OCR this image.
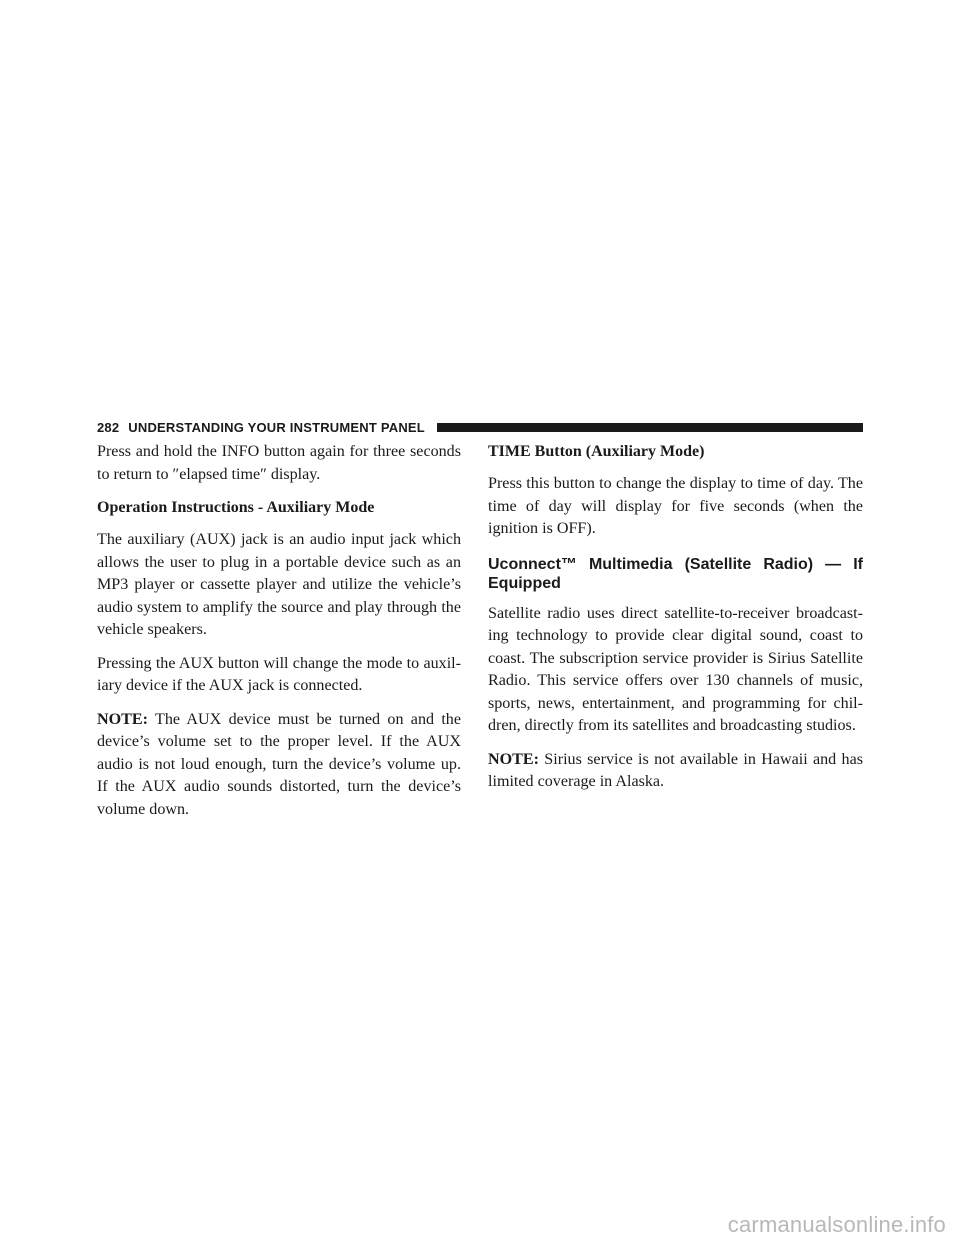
282 UNDERSTANDING YOUR INSTRUMENT PANEL

Press and hold the INFO button again for three seconds to return to ″elapsed time″ display.

Operation Instructions - Auxiliary Mode

The auxiliary (AUX) jack is an audio input jack which allows the user to plug in a portable device such as an MP3 player or cassette player and utilize the vehicle’s audio system to amplify the source and play through the vehicle speakers.

Pressing the AUX button will change the mode to auxil-iary device if the AUX jack is connected.

NOTE: The AUX device must be turned on and the device’s volume set to the proper level. If the AUX audio is not loud enough, turn the device’s volume up. If the AUX audio sounds distorted, turn the device’s volume down.

TIME Button (Auxiliary Mode)

Press this button to change the display to time of day. The time of day will display for five seconds (when the ignition is OFF).

Uconnect™ Multimedia (Satellite Radio) — If Equipped

Satellite radio uses direct satellite-to-receiver broadcast-ing technology to provide clear digital sound, coast to coast. The subscription service provider is Sirius Satellite Radio. This service offers over 130 channels of music, sports, news, entertainment, and programming for chil-dren, directly from its satellites and broadcasting studios.

NOTE: Sirius service is not available in Hawaii and has limited coverage in Alaska.

carmanualsonline.info
